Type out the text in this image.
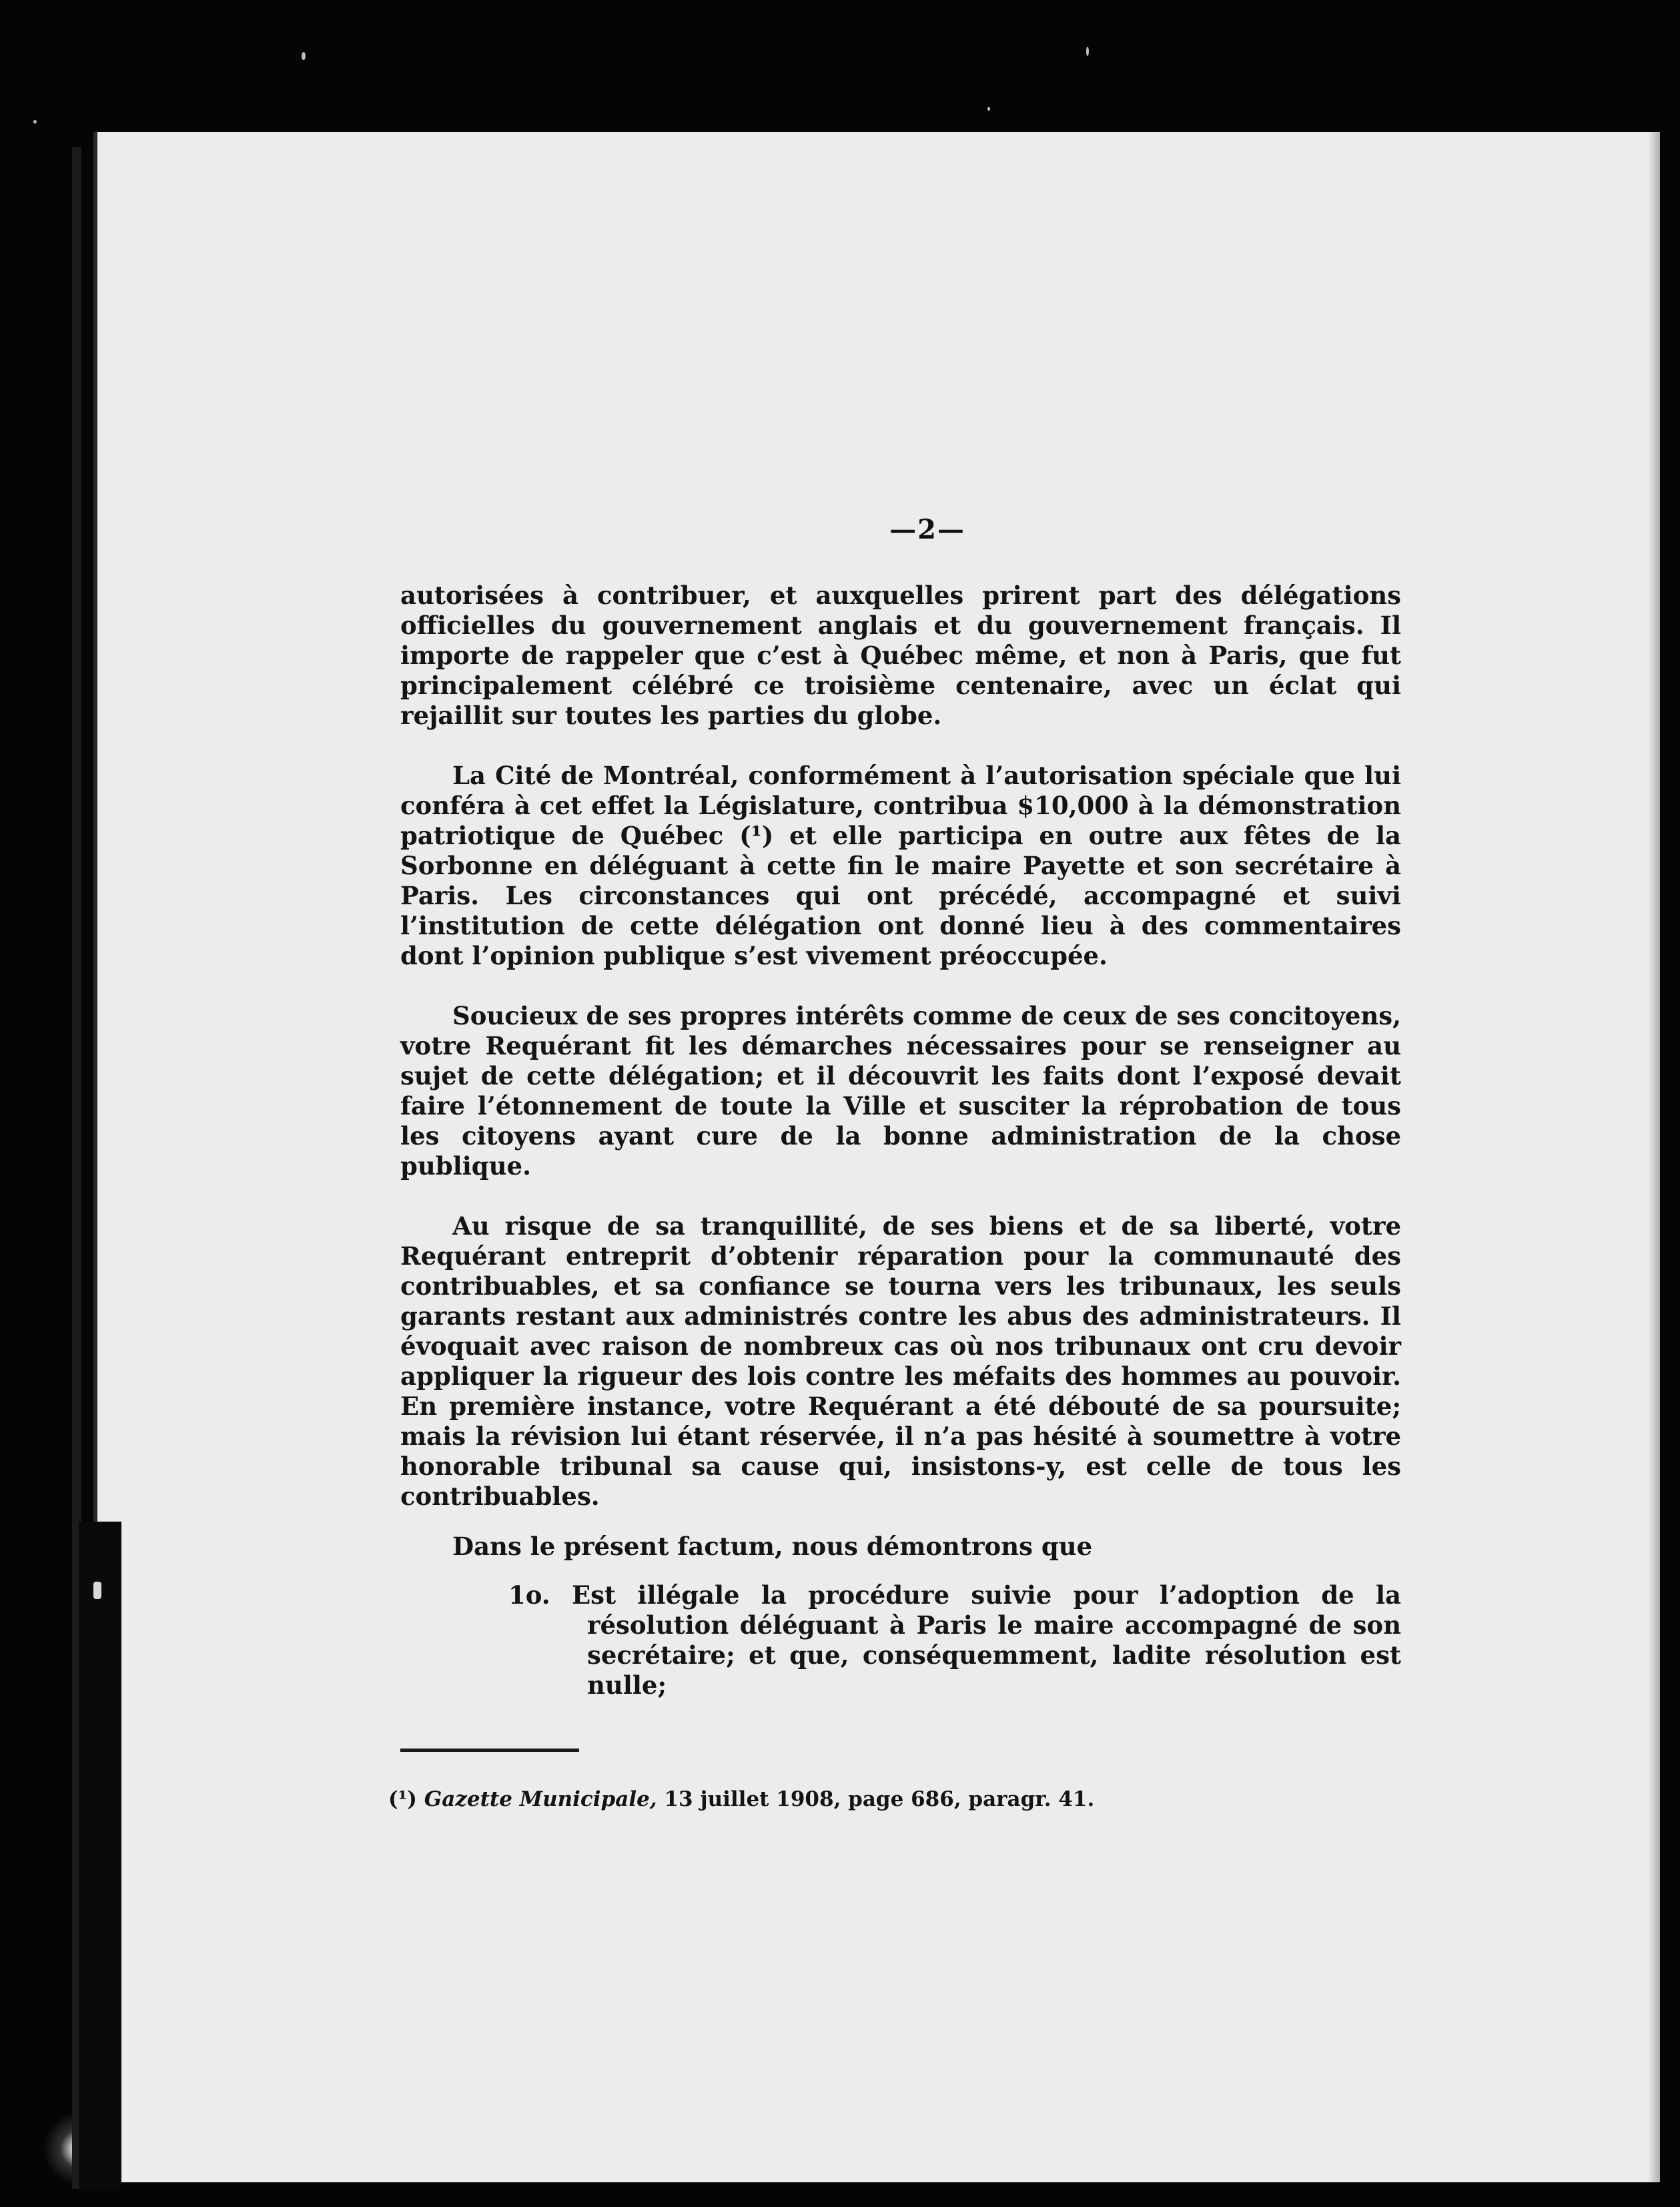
—2—

autorisées à contribuer, et auxquelles prirent part des délégations officielles du gouvernement anglais et du gouvernement français. Il importe de rappeler que c’est à Québec même, et non à Paris, que fut principalement célébré ce troisième centenaire, avec un éclat qui rejaillit sur toutes les parties du globe.

La Cité de Montréal, conformément à l’autorisation spéciale que lui conféra à cet effet la Législature, contribua $10,000 à la démonstration patriotique de Québec (¹) et elle participa en outre aux fêtes de la Sorbonne en déléguant à cette fin le maire Payette et son secrétaire à Paris. Les circonstances qui ont précédé, accompagné et suivi l’institution de cette délégation ont donné lieu à des commentaires dont l’opinion publique s’est vivement préoccupée.

Soucieux de ses propres intérêts comme de ceux de ses concitoyens, votre Requérant fit les démarches nécessaires pour se renseigner au sujet de cette délégation; et il découvrit les faits dont l’exposé devait faire l’étonnement de toute la Ville et susciter la réprobation de tous les citoyens ayant cure de la bonne administration de la chose publique.

Au risque de sa tranquillité, de ses biens et de sa liberté, votre Requérant entreprit d’obtenir réparation pour la communauté des contribuables, et sa confiance se tourna vers les tribunaux, les seuls garants restant aux administrés contre les abus des administrateurs. Il évoquait avec raison de nombreux cas où nos tribunaux ont cru devoir appliquer la rigueur des lois contre les méfaits des hommes au pouvoir. En première instance, votre Requérant a été débouté de sa poursuite; mais la révision lui étant réservée, il n’a pas hésité à soumettre à votre honorable tribunal sa cause qui, insistons-y, est celle de tous les contribuables.

Dans le présent factum, nous démontrons que

1o. Est illégale la procédure suivie pour l’adoption de la résolution déléguant à Paris le maire accompagné de son secrétaire; et que, conséquemment, ladite résolution est nulle;

(¹) Gazette Municipale, 13 juillet 1908, page 686, paragr. 41.
